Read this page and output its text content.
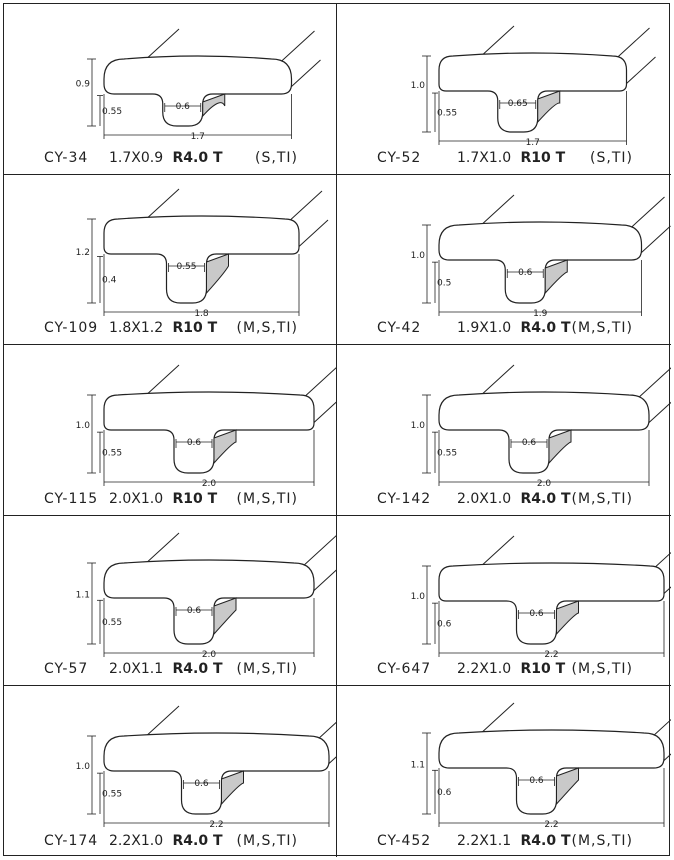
0.6
0.9
0.55
1.7
CY-34 1.7X0.9 R4.0 T (S,TI)
0.65
1.0
0.55
1.7
CY-52	1.7X1.0 R10 T (S,TI)
0.55
1.2
0.4
1.8
CY-109 1.8X1.2 R10 T (M,S,TI)
0.6
1.0
0.5
1.9
CY-42	1.9X1.0 R4.0 T (M,S,TI)
0.6
1.0
0.55
2.0
CY-115 2.0X1.0 R10 T (M,S,TI)
0.6
1.0
0.55
2.0
CY-142 2.0X1.0 R4.0 T (M,S,TI)
0.6
1.1
0.55
2.0
CY-57 2.0X1.1 R4.0 T (M,S,TI)
0.6
1.0
0.6
2.2
CY-647 2.2X1.0 R10 T (M,S,TI)
0.6
1.0
0.55
2.2
CY-174 2.2X1.0 R4.0 T (M,S,TI)
0.6
1.1
0.6
2.2
CY-452 2.2X1.1 R4.0 T (M,S,TI)
